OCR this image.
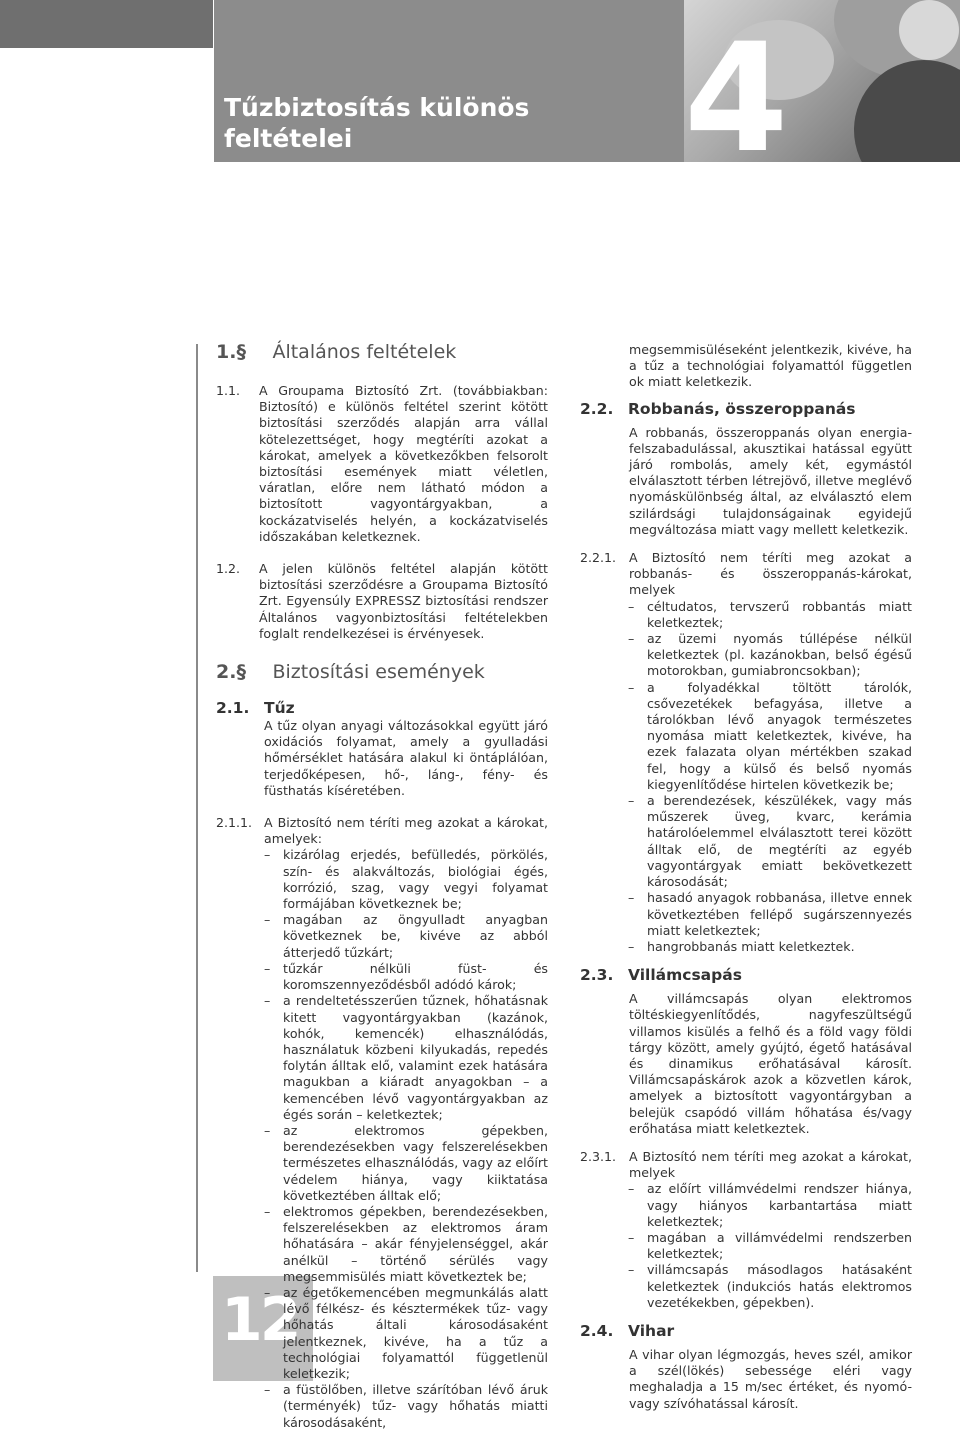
Tűzbiztosítás különös feltételei	4
12
1.§ Általános feltételek
1.1. A Groupama Biztosító Zrt. (továbbiakban: Biztosító) e különös feltétel szerint kötött biztosítási szerződés alapján arra vállal kötelezettséget, hogy megtéríti azokat a károkat, amelyek a következőkben felsorolt biztosítási események miatt véletlen, váratlan, előre nem látható módon a biztosított vagyontárgyakban, a kockázatviselés helyén, a kockázatviselés időszakában keletkeznek.
1.2. A jelen különös feltétel alapján kötött biztosítási szerződésre a Groupama Biztosító Zrt. Egyensúly EXPRESSZ biztosítási rendszer Általános vagyonbiztosítási feltételekben foglalt rendelkezései is érvényesek.
2.§ Biztosítási események
2.1. Tűz
A tűz olyan anyagi változásokkal együtt járó oxidációs folyamat, amely a gyulladási hőmérséklet hatására alakul ki öntáplálóan, terjedőképesen, hő-, láng-, fény- és füsthatás kíséretében.
2.1.1. A Biztosító nem téríti meg azokat a károkat, amelyek:
– kizárólag erjedés, befülledés, pörkölés, szín- és alakváltozás, biológiai égés, korrózió, szag, vagy vegyi folyamat formájában következnek be;
– magában az öngyulladt anyagban következnek be, kivéve az abból átterjedő tűzkárt;
– tűzkár nélküli füst- és koromszennyeződésből adódó károk;
– a rendeltetésszerűen tűznek, hőhatásnak kitett vagyontárgyakban (kazánok, kohók, kemencék) elhasználódás, használatuk közbeni kilyukadás, repedés folytán álltak elő, valamint ezek hatására magukban a kiáradt anyagokban – a kemencében lévő vagyontárgyakban az égés során – keletkeztek;
– az elektromos gépekben, berendezésekben vagy felszerelésekben természetes elhasználódás, vagy az előírt védelem hiánya, vagy kiiktatása következtében álltak elő;
– elektromos gépekben, berendezésekben, felszerelésekben az elektromos áram hőhatására – akár fényjelenséggel, akár anélkül – történő sérülés vagy megsemmisülés miatt következtek be;
– az égetőkemencében megmunkálás alatt lévő félkész- és késztermékek tűz- vagy hőhatás általi károsodásaként jelentkeznek, kivéve, ha a tűz a technológiai folyamattól függetlenül keletkezik;
– a füstölőben, illetve szárítóban lévő áruk (terményék) tűz- vagy hőhatás miatti károsodásaként,
megsemmisüléseként jelentkezik, kivéve, ha a tűz a technológiai folyamattól független ok miatt keletkezik.
2.2. Robbanás, összeroppanás
A robbanás, összeroppanás olyan energia-felszabadulással, akusztikai hatással együtt járó rombolás, amely két, egymástól elválasztott térben létrejövő, illetve meglévő nyomáskülönbség által, az elválasztó elem szilárdsági tulajdonságainak egyidejű megváltozása miatt vagy mellett keletkezik.
2.2.1. A Biztosító nem téríti meg azokat a robbanás- és összeroppanás-károkat, melyek
– céltudatos, tervszerű robbantás miatt keletkeztek;
– az üzemi nyomás túllépése nélkül keletkeztek (pl. kazánokban, belső égésű motorokban, gumiabroncsokban);
– a folyadékkal töltött tárolók, csővezetékek befagyása, illetve a tárolókban lévő anyagok természetes nyomása miatt keletkeztek, kivéve, ha ezek falazata olyan mértékben szakad fel, hogy a külső és belső nyomás kiegyenlítődése hirtelen következik be;
– a berendezések, készülékek, vagy más műszerek üveg, kvarc, kerámia határolóelemmel elválasztott terei között álltak elő, de megtéríti az egyéb vagyontárgyak emiatt bekövetkezett károsodását;
– hasadó anyagok robbanása, illetve ennek következtében fellépő sugárszennyezés miatt keletkeztek;
– hangrobbanás miatt keletkeztek.
2.3. Villámcsapás
A villámcsapás olyan elektromos töltéskiegyenlítődés, nagyfeszültségű villamos kisülés a felhő és a föld vagy földi tárgy között, amely gyújtó, égető hatásával és dinamikus erőhatásával károsít. Villámcsapáskárok azok a közvetlen károk, amelyek a biztosított vagyontárgyban a belejük csapódó villám hőhatása és/vagy erőhatása miatt keletkeztek.
2.3.1. A Biztosító nem téríti meg azokat a károkat, melyek
– az előírt villámvédelmi rendszer hiánya, vagy hiányos karbantartása miatt keletkeztek;
– magában a villámvédelmi rendszerben keletkeztek;
– villámcsapás másodlagos hatásaként keletkeztek (indukciós hatás elektromos vezetékekben, gépekben).
2.4. Vihar
A vihar olyan légmozgás, heves szél, amikor a szél(lökés) sebessége eléri vagy meghaladja a 15 m/sec értéket, és nyomó- vagy szívóhatással károsít.
